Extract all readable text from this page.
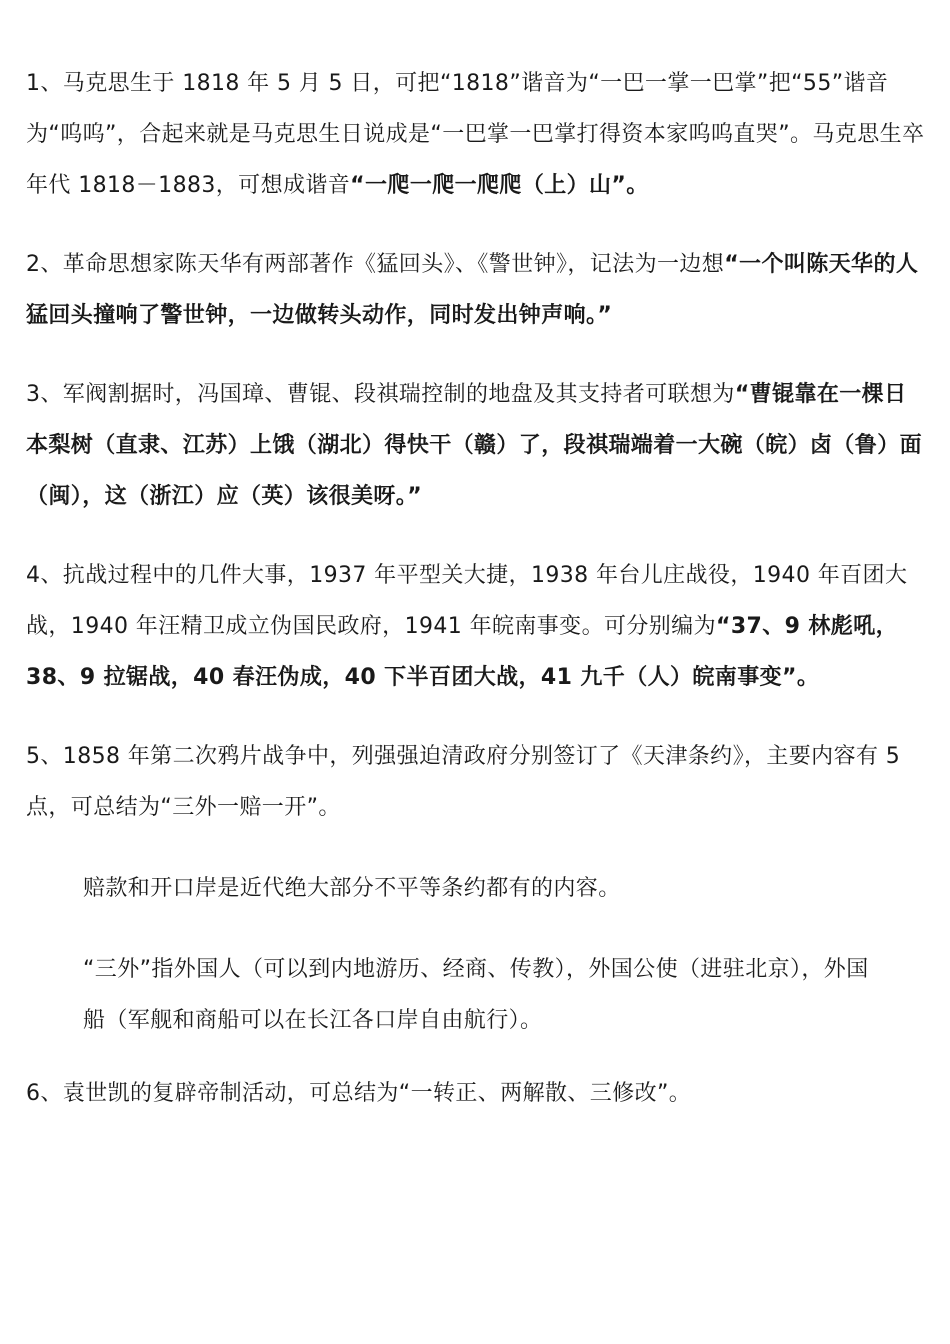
1、马克思生于 1818 年 5 月 5 日，可把“1818”谐音为“一巴一掌一巴掌”把“55”谐音为“呜呜”，合起来就是马克思生日说成是“一巴掌一巴掌打得资本家呜呜直哭”。马克思生卒年代 1818－1883，可想成谐音“一爬一爬一爬爬（上）山”。

2、革命思想家陈天华有两部著作《猛回头》、《警世钟》，记法为一边想“一个叫陈天华的人猛回头撞响了警世钟，一边做转头动作，同时发出钟声响。”

3、军阀割据时，冯国璋、曹锟、段祺瑞控制的地盘及其支持者可联想为“曹锟靠在一棵日本梨树（直隶、江苏）上饿（湖北）得快干（赣）了，段祺瑞端着一大碗（皖）卤（鲁）面（闽），这（浙江）应（英）该很美呀。”

4、抗战过程中的几件大事，1937 年平型关大捷，1938 年台儿庄战役，1940 年百团大战，1940 年汪精卫成立伪国民政府，1941 年皖南事变。可分别编为“37、9 林彪吼，38、9 拉锯战，40 春汪伪成，40 下半百团大战，41 九千（人）皖南事变”。

5、1858 年第二次鸦片战争中，列强强迫清政府分别签订了《天津条约》，主要内容有 5 点，可总结为“三外一赔一开”。

赔款和开口岸是近代绝大部分不平等条约都有的内容。

“三外”指外国人（可以到内地游历、经商、传教），外国公使（进驻北京），外国船（军舰和商船可以在长江各口岸自由航行）。

6、袁世凯的复辟帝制活动，可总结为“一转正、两解散、三修改”。
